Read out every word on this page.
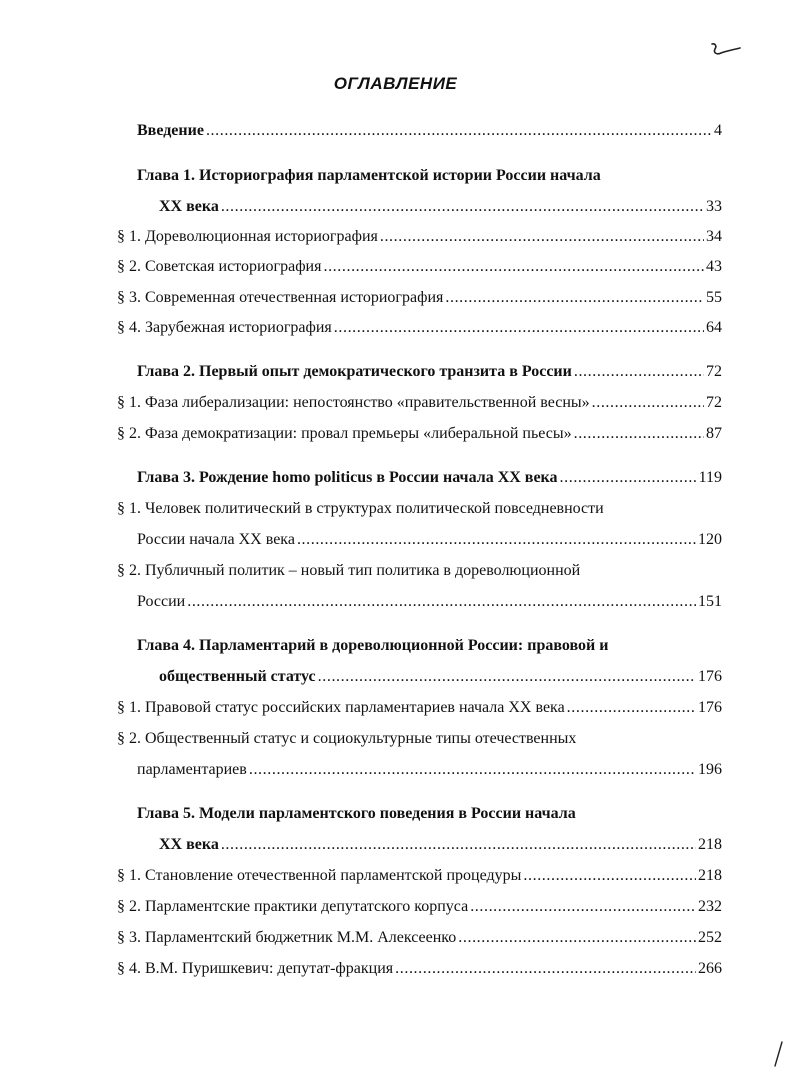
ОГЛАВЛЕНИЕ
Введение .....	4
Глава 1. Историография парламентской истории России начала
XX века .....	33
§ 1. Дореволюционная историография .....	34
§ 2. Советская историография .....	43
§ 3. Современная отечественная историография .....	55
§ 4. Зарубежная историография .....	64
Глава 2. Первый опыт демократического транзита в России .....	72
§ 1. Фаза либерализации: непостоянство «правительственной весны» .....	72
§ 2. Фаза демократизации: провал премьеры «либеральной пьесы» .....	87
Глава 3. Рождение homo politicus в России начала XX века .....	119
§ 1. Человек политический в структурах политической повседневности
России начала XX века .....	120
§ 2. Публичный политик – новый тип политика в дореволюционной
России .....	151
Глава 4. Парламентарий в дореволюционной России: правовой и
общественный статус .....	176
§ 1. Правовой статус российских парламентариев начала XX века .....	176
§ 2. Общественный статус и социокультурные типы отечественных
парламентариев .....	196
Глава 5. Модели парламентского поведения в России начала
XX века .....	218
§ 1. Становление отечественной парламентской процедуры .....	218
§ 2. Парламентские практики депутатского корпуса .....	232
§ 3. Парламентский бюджетник М.М. Алексеенко .....	252
§ 4. В.М. Пуришкевич: депутат-фракция .....	266
